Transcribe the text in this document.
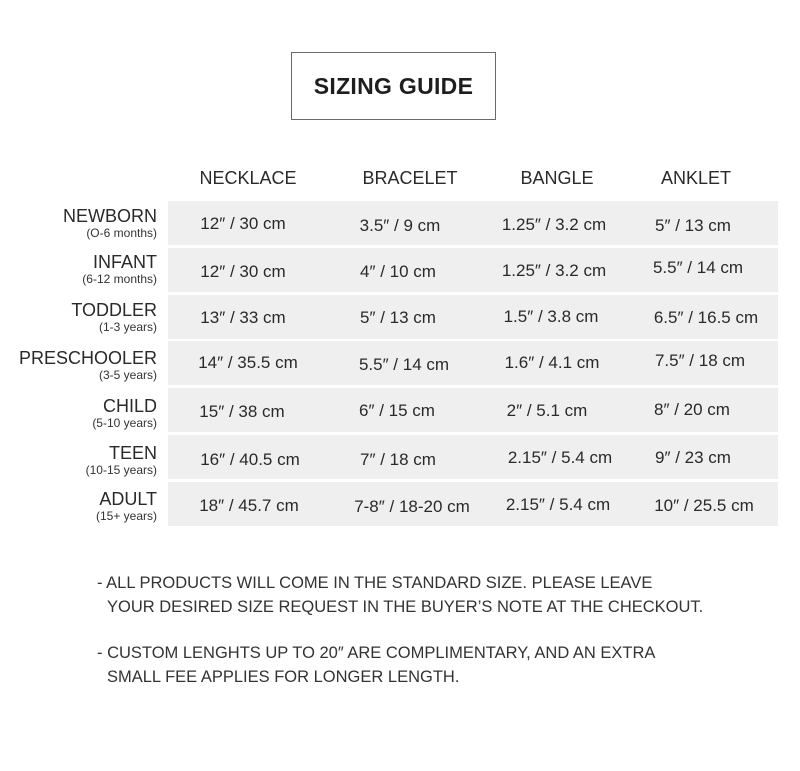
SIZING GUIDE
NECKLACE	BRACELET	BANGLE	ANKLET
NEWBORN
(O-6 months)	12″ / 30 cm	3.5″ / 9 cm	1.25″ / 3.2 cm	5″ / 13 cm
INFANT
(6-12 months)	12″ / 30 cm	4″ / 10 cm	1.25″ / 3.2 cm	5.5″ / 14 cm
TODDLER
(1-3 years)	13″ / 33 cm	5″ / 13 cm	1.5″ / 3.8 cm	6.5″ / 16.5 cm
PRESCHOOLER
(3-5 years)
14″ / 35.5 cm	5.5″ / 14 cm	1.6″ / 4.1 cm	7.5″ / 18 cm
CHILD
(5-10 years)
15″ / 38 cm	6″ / 15 cm	2″ / 5.1 cm	8″ / 20 cm
TEEN
(10-15 years)
16″ / 40.5 cm	7″ / 18 cm	2.15″ / 5.4 cm	9″ / 23 cm
ADULT
(15+ years)
18″ / 45.7 cm	7-8″ / 18-20 cm	2.15″ / 5.4 cm	10″ / 25.5 cm
- ALL PRODUCTS WILL COME IN THE STANDARD SIZE. PLEASE LEAVE
YOUR DESIRED SIZE REQUEST IN THE BUYER’S NOTE AT THE CHECKOUT.
- CUSTOM LENGHTS UP TO 20″ ARE COMPLIMENTARY, AND AN EXTRA
SMALL FEE APPLIES FOR LONGER LENGTH.
